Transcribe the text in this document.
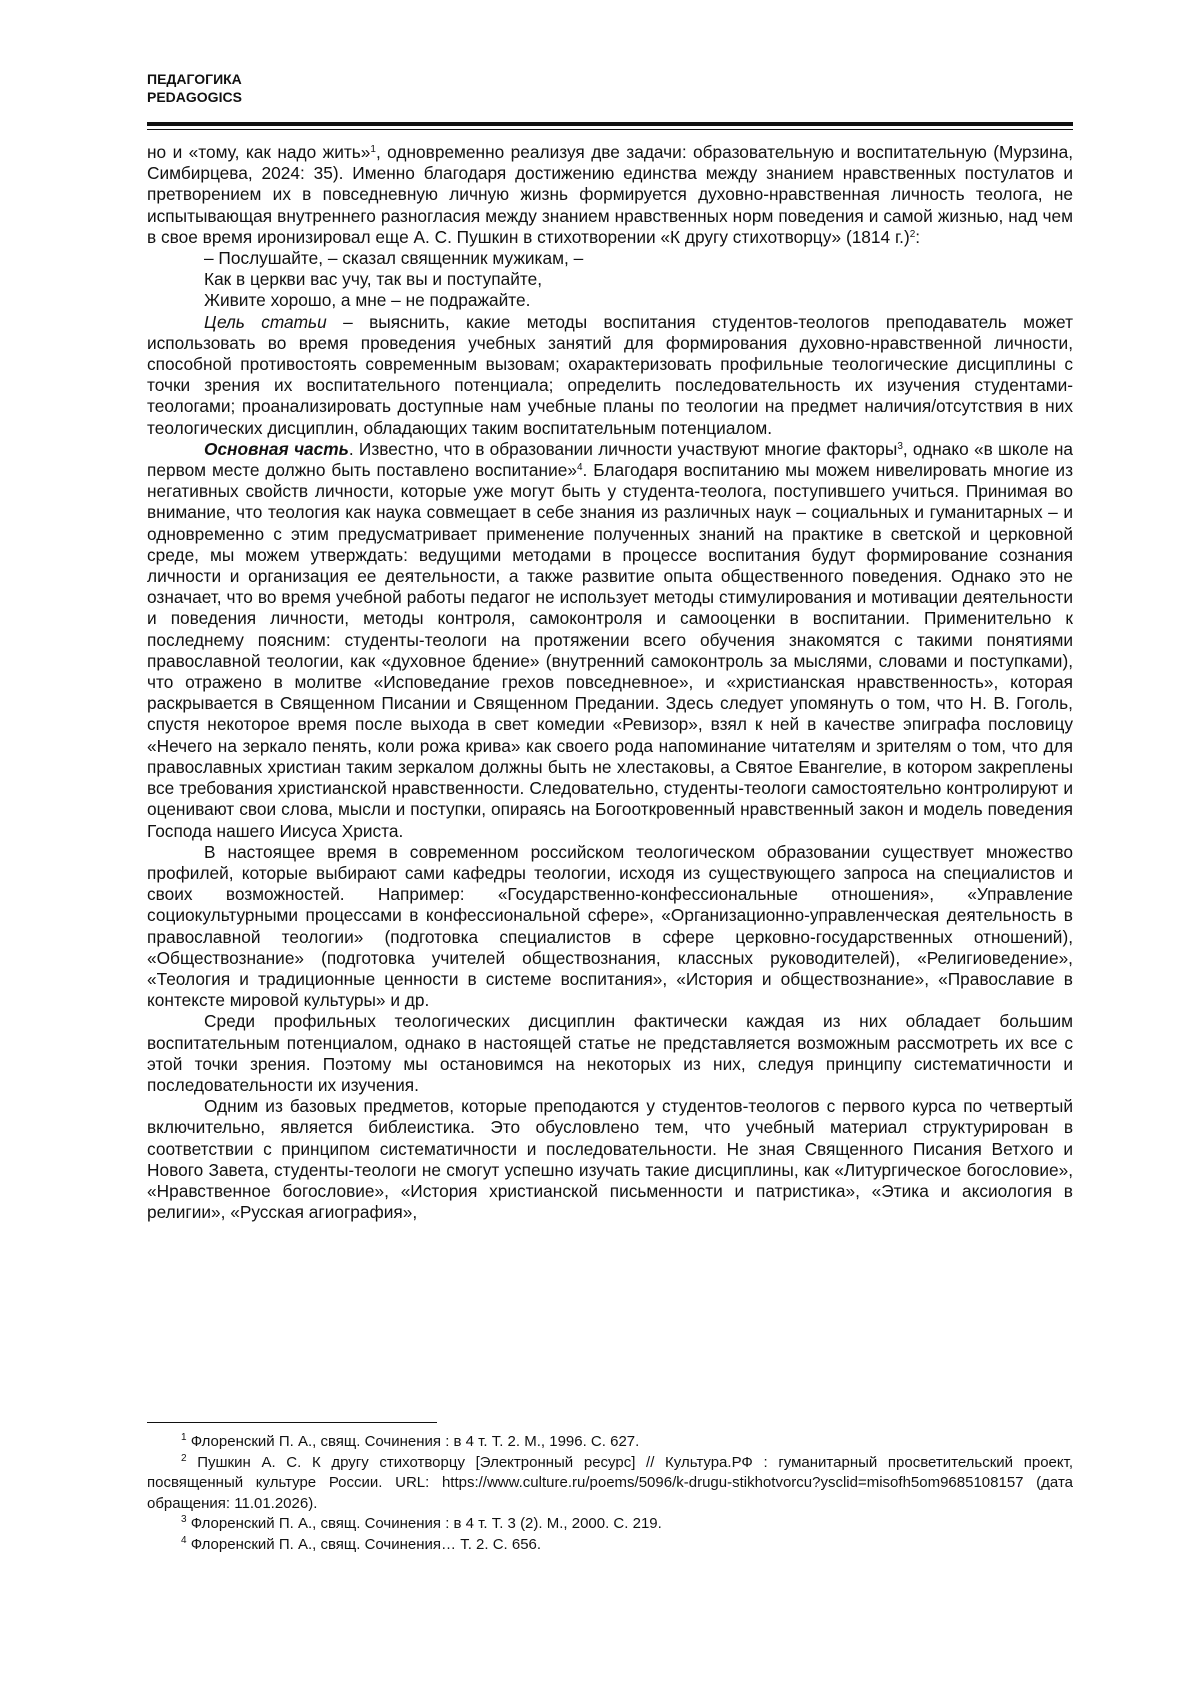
ПЕДАГОГИКА
PEDAGOGICS

но и «тому, как надо жить»$^1$, одновременно реализуя две задачи: образовательную и воспитательную (Мурзина, Симбирцева, 2024: 35). Именно благодаря достижению единства между знанием нравственных постулатов и претворением их в повседневную личную жизнь формируется духовно-нравственная личность теолога, не испытывающая внутреннего разногласия между знанием нравственных норм поведения и самой жизнью, над чем в свое время иронизировал еще А. С. Пушкин в стихотворении «К другу стихотворцу» (1814 г.)$^2$:

– Послушайте, – сказал священник мужикам, –
Как в церкви вас учу, так вы и поступайте,
Живите хорошо, а мне – не подражайте.

Цель статьи – выяснить, какие методы воспитания студентов-теологов преподаватель может использовать во время проведения учебных занятий для формирования духовно-нравственной личности, способной противостоять современным вызовам; охарактеризовать профильные теологические дисциплины с точки зрения их воспитательного потенциала; определить последовательность их изучения студентами-теологами; проанализировать доступные нам учебные планы по теологии на предмет наличия/отсутствия в них теологических дисциплин, обладающих таким воспитательным потенциалом.

Основная часть. Известно, что в образовании личности участвуют многие факторы$^3$, однако «в школе на первом месте должно быть поставлено воспитание»$^4$. Благодаря воспитанию мы можем нивелировать многие из негативных свойств личности, которые уже могут быть у студента-теолога, поступившего учиться. Принимая во внимание, что теология как наука совмещает в себе знания из различных наук – социальных и гуманитарных – и одновременно с этим предусматривает применение полученных знаний на практике в светской и церковной среде, мы можем утверждать: ведущими методами в процессе воспитания будут формирование сознания личности и организация ее деятельности, а также развитие опыта общественного поведения. Однако это не означает, что во время учебной работы педагог не использует методы стимулирования и мотивации деятельности и поведения личности, методы контроля, самоконтроля и самооценки в воспитании. Применительно к последнему поясним: студенты-теологи на протяжении всего обучения знакомятся с такими понятиями православной теологии, как «духовное бдение» (внутренний самоконтроль за мыслями, словами и поступками), что отражено в молитве «Исповедание грехов повседневное», и «христианская нравственность», которая раскрывается в Священном Писании и Священном Предании. Здесь следует упомянуть о том, что Н. В. Гоголь, спустя некоторое время после выхода в свет комедии «Ревизор», взял к ней в качестве эпиграфа пословицу «Нечего на зеркало пенять, коли рожа крива» как своего рода напоминание читателям и зрителям о том, что для православных христиан таким зеркалом должны быть не хлестаковы, а Святое Евангелие, в котором закреплены все требования христианской нравственности. Следовательно, студенты-теологи самостоятельно контролируют и оценивают свои слова, мысли и поступки, опираясь на Богооткровенный нравственный закон и модель поведения Господа нашего Иисуса Христа.

В настоящее время в современном российском теологическом образовании существует множество профилей, которые выбирают сами кафедры теологии, исходя из существующего запроса на специалистов и своих возможностей. Например: «Государственно-конфессиональные отношения», «Управление социокультурными процессами в конфессиональной сфере», «Организационно-управленческая деятельность в православной теологии» (подготовка специалистов в сфере церковно-государственных отношений), «Обществознание» (подготовка учителей обществознания, классных руководителей), «Религиоведение», «Теология и традиционные ценности в системе воспитания», «История и обществознание», «Православие в контексте мировой культуры» и др.

Среди профильных теологических дисциплин фактически каждая из них обладает большим воспитательным потенциалом, однако в настоящей статье не представляется возможным рассмотреть их все с этой точки зрения. Поэтому мы остановимся на некоторых из них, следуя принципу систематичности и последовательности их изучения.

Одним из базовых предметов, которые преподаются у студентов-теологов с первого курса по четвертый включительно, является библеистика. Это обусловлено тем, что учебный материал структурирован в соответствии с принципом систематичности и последовательности. Не зная Священного Писания Ветхого и Нового Завета, студенты-теологи не смогут успешно изучать такие дисциплины, как «Литургическое богословие», «Нравственное богословие», «История христианской письменности и патристика», «Этика и аксиология в религии», «Русская агиография»,

$^1$ Флоренский П. А., свящ. Сочинения : в 4 т. Т. 2. М., 1996. С. 627.

$^2$ Пушкин А. С. К другу стихотворцу [Электронный ресурс] // Культура.РФ : гуманитарный просветительский проект, посвященный культуре России. URL: https://www.culture.ru/poems/5096/k-drugu-stikhotvorcu?ysclid=misofh5om9685108157 (дата обращения: 11.01.2026).

$^3$ Флоренский П. А., свящ. Сочинения : в 4 т. Т. 3 (2). М., 2000. С. 219.

$^4$ Флоренский П. А., свящ. Сочинения… Т. 2. С. 656.
